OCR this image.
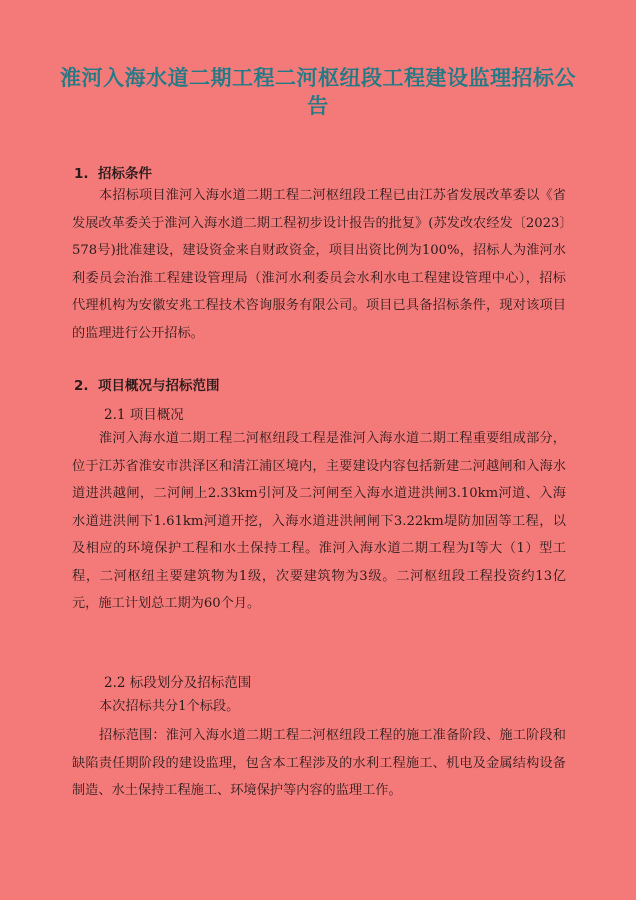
淮河入海水道二期工程二河枢纽段工程建设监理招标公告
1. 招标条件
本招标项目淮河入海水道二期工程二河枢纽段工程已由江苏省发展改革委以《省发展改革委关于淮河入海水道二期工程初步设计报告的批复》(苏发改农经发〔2023〕578号)批准建设，建设资金来自财政资金，项目出资比例为100%，招标人为淮河水利委员会治淮工程建设管理局（淮河水利委员会水利水电工程建设管理中心），招标代理机构为安徽安兆工程技术咨询服务有限公司。项目已具备招标条件，现对该项目的监理进行公开招标。
2. 项目概况与招标范围
2.1 项目概况
淮河入海水道二期工程二河枢纽段工程是淮河入海水道二期工程重要组成部分，位于江苏省淮安市洪泽区和清江浦区境内，主要建设内容包括新建二河越闸和入海水道进洪越闸，二河闸上2.33km引河及二河闸至入海水道进洪闸3.10km河道、入海水道进洪闸下1.61km河道开挖，入海水道进洪闸闸下3.22km堤防加固等工程，以及相应的环境保护工程和水土保持工程。淮河入海水道二期工程为Ⅰ等大（1）型工程，二河枢纽主要建筑物为1级，次要建筑物为3级。二河枢纽段工程投资约13亿元，施工计划总工期为60个月。
2.2 标段划分及招标范围
本次招标共分1个标段。
招标范围：淮河入海水道二期工程二河枢纽段工程的施工准备阶段、施工阶段和缺陷责任期阶段的建设监理，包含本工程涉及的水利工程施工、机电及金属结构设备制造、水土保持工程施工、环境保护等内容的监理工作。
